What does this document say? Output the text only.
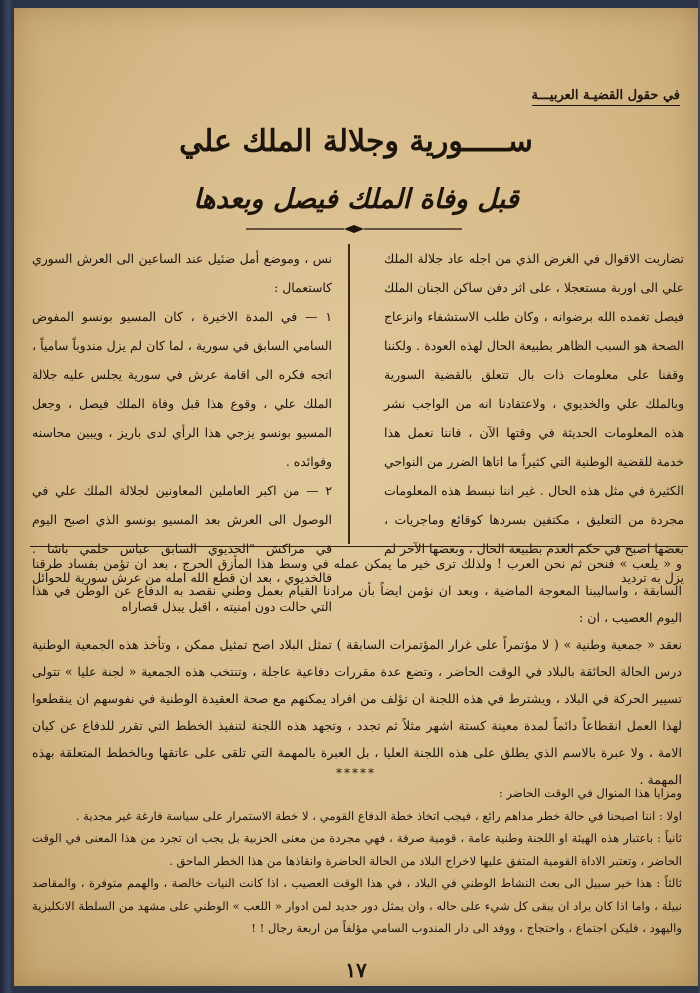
في حقول القضيـة العربيـــة
ســـــورية وجلالة الملك علي
قبل وفاة الملك فيصل وبعدها

تضاربت الاقوال في الغرض الذي من اجله عاد جلالة الملك علي الى اوربة مستعجلا ، على اثر دفن ساكن الجنان الملك فيصل تغمده الله برضوانه ، وكان طلب الاستشفاء وانزعاج الصحة هو السبب الظاهر بطبيعة الحال لهذه العودة . ولكننا وقفنا على معلومات ذات بال تتعلق بالقضية السورية وبالملك علي والخديوي ، ولاعتقادنا انه من الواجب نشر هذه المعلومات الحديثة في وقتها الآن ، فاننا نعمل هذا خدمة للقضية الوطنية التي كثيراً ما اتاها الضرر من النواحي الكثيرة في مثل هذه الحال . غير اننا نبسط هذه المعلومات مجردة من التعليق ، مكتفين بسردها كوقائع وماجريات ، بعضها اصبح في حكم العدم بطبيعة الحال ، وبعضها الآخر لم يزل به ترديد

نس ، وموضع أمل ضئيل عند الساعين الى العرش السوري كاستعمال :

١ — في المدة الاخيرة ، كان المسيو بونسو المفوض السامي السابق في سورية ، لما كان لم يزل مندوباً سامياً ، اتجه فكره الى اقامة عرش في سورية يجلس عليه جلالة الملك علي ، وقوع هذا قبل وفاة الملك فيصل ، وجعل المسيو بونسو يزجي هذا الرأي لدى باريز ، ويبين محاسنه وفوائده .

٢ — من اكبر العاملين المعاونين لجلالة الملك علي في الوصول الى العرش بعد المسيو بونسو الذي اصبح اليوم في مراكش "الخديوي السابق عباس حلمي باشا . فالخديوي ، بعد ان قطع الله امله من عرش سورية للحوائل التي حالت دون امنيته ، اقبل يبذل قصاراه

و « يلعب » فنحن ثم نحن العرب ! ولذلك ترى خير ما يمكن عمله في وسط هذا المأزق الحرج ، بعد ان تؤمن بفساد طرقنا السابقة ، واساليبنا المعوجة الماضية ، وبعد ان نؤمن ايضاً بأن مرادنا القيام بعمل وطني نقصد به الدفاع عن الوطن في هذا اليوم العصيب ، ان :

نعقد « جمعية وطنية » ( لا مؤتمراً على غرار المؤتمرات السابقة ) تمثل البلاد اصح تمثيل ممكن ، وتأخذ هذه الجمعية الوطنية درس الحالة الحائقة بالبلاد في الوقت الحاضر ، وتضع عدة مقررات دفاعية عاجلة ، وتنتخب هذه الجمعية « لجنة عليا » تتولى تسيير الحركة في البلاد ، ويشترط في هذه اللجنة ان تؤلف من افراد يمكنهم مع صحة العقيدة الوطنية في نفوسهم ان ينقطعوا لهذا العمل انقطاعاً دائماً لمدة معينة كستة اشهر مثلاً ثم تجدد ، وتجهد هذه اللجنة لتنفيذ الخطط التي تقرر للدفاع عن كيان الامة ، ولا عبرة بالاسم الذي يطلق على هذه اللجنة العليا ، بل العبرة بالمهمة التي تلقى على عاتقها وبالخطط المتعلقة بهذه المهمة .

*****

ومزايا هذا المنوال في الوقت الحاضر :

اولا : اننا اصبحنا في حالة خطر مداهم رائع ، فيجب اتخاذ خطة الدفاع القومي ، لا خطة الاستمرار على سياسة فارغة غير مجدية .

ثانياً : باعتبار هذه الهيئة او اللجنة وطنية عامة ، قومية صرفة ، فهي مجردة من معنى الحزبية بل يجب ان تجرد من هذا المعنى في الوقت الحاضر ، وتعتبر الاداة القومية المتفق عليها لاخراج البلاد من الحالة الحاضرة وانقاذها من هذا الخطر الماحق .

ثالثاً : هذا خير سبيل الى بعث النشاط الوطني في البلاد ، في هذا الوقت العصيب ، اذا كانت النيات خالصة ، والهمم متوفرة ، والمقاصد نبيلة ، واما اذا كان يراد ان يبقى كل شيء على حاله ، وان يمثل دور جديد لمن ادوار « اللعب » الوطني على مشهد من السلطة الانكليزية واليهود ، فليكن اجتماع ، واحتجاج ، ووفد الى دار المندوب السامي مؤلفاً من اربعة رجال ! !

١٧
